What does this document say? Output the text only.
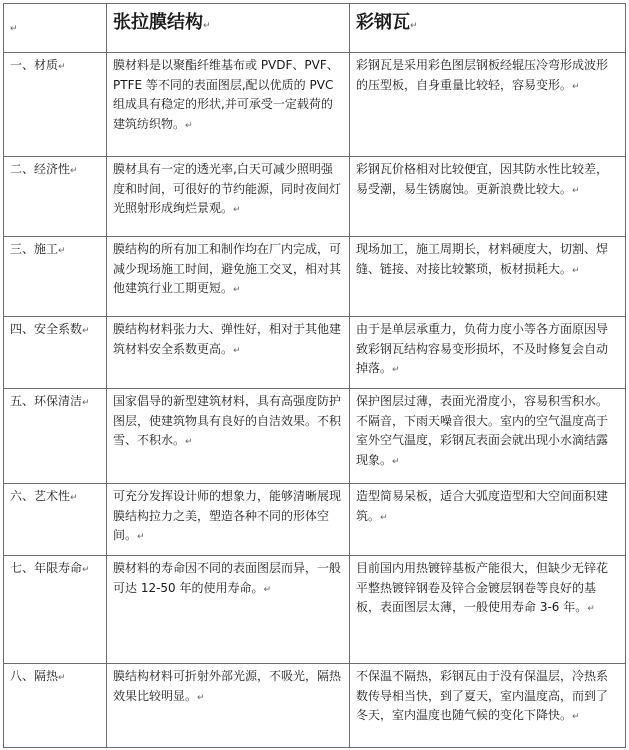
↵	张拉膜结构↵	彩钢瓦↵
一、材质↵	膜材料是以聚酯纤维基布或 PVDF、PVF、PTFE 等不同的表面图层,配以优质的 PVC 组成具有稳定的形状,并可承受一定载荷的建筑纺织物。↵	彩钢瓦是采用彩色图层钢板经辊压冷弯形成波形的压型板，自身重量比较轻，容易变形。↵
二、经济性↵	膜材具有一定的透光率,白天可减少照明强度和时间，可很好的节约能源，同时夜间灯光照射形成绚烂景观。↵	彩钢瓦价格相对比较便宜，因其防水性比较差，易受潮，易生锈腐蚀。更新浪费比较大。↵
三、施工↵	膜结构的所有加工和制作均在厂内完成，可减少现场施工时间，避免施工交叉，相对其他建筑行业工期更短。↵	现场加工，施工周期长，材料硬度大，切割、焊缝、链接、对接比较繁琐，板材损耗大。↵
四、安全系数↵	膜结构材料张力大、弹性好，相对于其他建筑材料安全系数更高。↵	由于是单层承重力，负荷力度小等各方面原因导致彩钢瓦结构容易变形损坏，不及时修复会自动掉落。↵
五、环保清洁↵	国家倡导的新型建筑材料，具有高强度防护图层，使建筑物具有良好的自洁效果。不积雪、不积水。↵	保护图层过薄，表面光滑度小，容易积雪积水。不隔音，下雨天噪音很大。室内的空气温度高于室外空气温度，彩钢瓦表面会就出现小水滴结露现象。↵
六、艺术性↵	可充分发挥设计师的想象力，能够清晰展现膜结构拉力之美，塑造各种不同的形体空间。↵	造型简易呆板，适合大弧度造型和大空间面积建筑。↵
七、年限寿命↵	膜材料的寿命因不同的表面图层而异，一般可达 12-50 年的使用寿命。↵	目前国内用热镀锌基板产能很大，但缺少无锌花平整热镀锌钢卷及锌合金镀层钢卷等良好的基板，表面图层太薄，一般使用寿命 3-6 年。↵
八、隔热↵	膜结构材料可折射外部光源，不吸光，隔热效果比较明显。↵	不保温不隔热，彩钢瓦由于没有保温层，冷热系数传导相当快，到了夏天，室内温度高，而到了冬天，室内温度也随气候的变化下降快。↵
